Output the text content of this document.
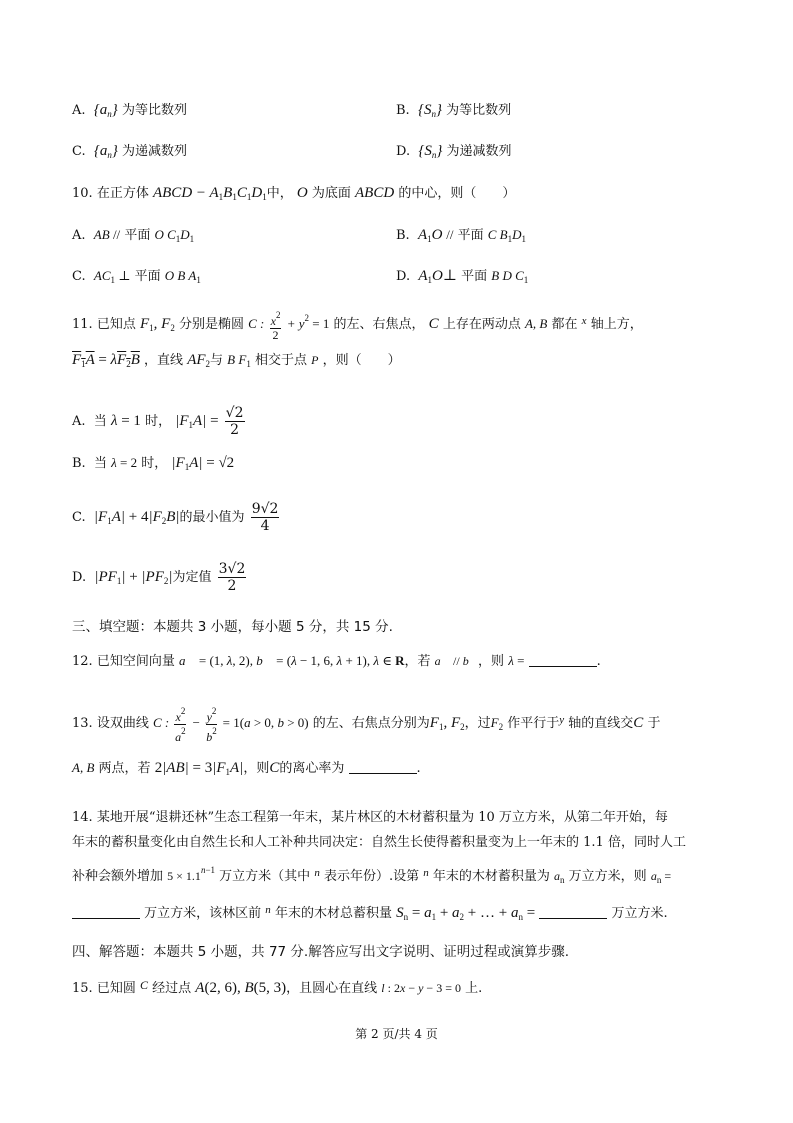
A. $\{a_n\}$ 为等比数列	B. $\{S_n\}$ 为等比数列
C. $\{a_n\}$ 为递减数列	D. $\{S_n\}$ 为递减数列
10. 在正方体 ABCD − $A_1B_1C_1D_1$中， O 为底面 ABCD 的中心，则（　　）
A. AB // 平面 O $C_1D_1$	B. $A_1O$ // 平面 C $B_1D_1$
C. $AC_1$ ⊥ 平面 O B $A_1$	D. $A_1O\perp$ 平面 B D $C_1$
11. 已知点 $F_1$, $F_2$ 分别是椭圆 C : $\frac{x^2}{2} + y^2 = 1$ 的左、右焦点， C 上存在两动点 A, B 都在 $^x$ 轴上方，
$F_1A = \lambda F_2B$ ，直线 $AF_2$与 B $F_1$ 相交于点 P ，则（　　）
A. 当 λ = 1 时， $|F_1A| = \frac{√2}{2}$
B. 当 λ = 2 时， $|F_1A| = √2$
C. $|F_1A| + 4|F_2B|$的最小值为 $\frac{9√2}{4}$
D. $|PF_1| + |PF_2|$为定值 $\frac{3√2}{2}$
三、填空题：本题共 3 小题，每小题 5 分，共 15 分.
12. 已知空间向量 a⃗ = (1, λ, 2), b⃗ = (λ − 1, 6, λ + 1), λ ∈ R，若 a⃗ // b⃗，则 λ =	.
13. 设双曲线 C : $\frac{x^2}{a^2} - \frac{y^2}{b^2} = 1(a > 0$, b > 0) 的左、右焦点分别为$F_1$, $F_2$，过$F_2$ 作平行于$^y$ 轴的直线交C 于
A, B 两点，若 $2|AB| = 3|F_1A|$，则C的离心率为	.
14. 某地开展“退耕还林”生态工程第一年末，某片林区的木材蓄积量为 10 万立方米，从第二年开始，每
年末的蓄积量变化由自然生长和人工补种共同决定：自然生长使得蓄积量变为上一年末的 1.1 倍，同时人工
补种会额外增加 $5 \times 1.1^{n-1}$ 万立方米（其中 $^n$ 表示年份）.设第 $^n$ 年末的木材蓄积量为 $a_n$ 万立方米，则 $a_n$ =
万立方米，该林区前 $^n$ 年末的木材总蓄积量 $S_n = a_1 + a_2$ + … + $a_n$ =	万立方米.
四、解答题：本题共 5 小题，共 77 分.解答应写出文字说明、证明过程或演算步骤.
15. 已知圆 C 经过点 A(2, 6), B(5, 3)，且圆心在直线 l : 2x − y − 3 = 0 上.
第 2 页/共 4 页
